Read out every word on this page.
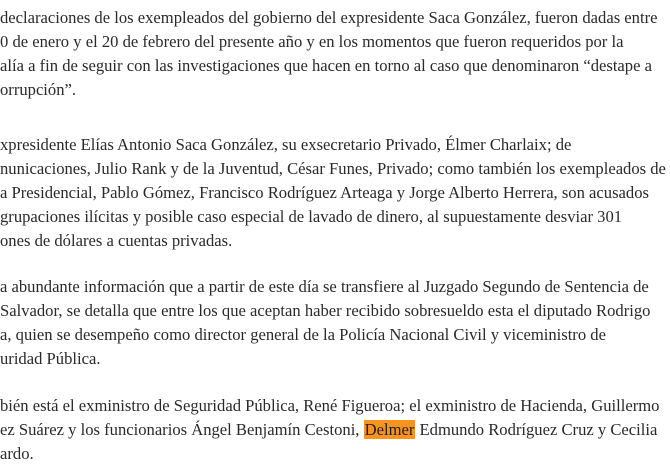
declaraciones de los exempleados del gobierno del expresidente Saca González, fueron dadas entre
0 de enero y el 20 de febrero del presente año y en los momentos que fueron requeridos por la
alía a fin de seguir con las investigaciones que hacen en torno al caso que denominaron “destape a
orrupción”.

xpresidente Elías Antonio Saca González, su exsecretario Privado, Élmer Charlaix; de
nunicaciones, Julio Rank y de la Juventud, César Funes, Privado; como también los exempleados de
a Presidencial, Pablo Gómez, Francisco Rodríguez Arteaga y Jorge Alberto Herrera, son acusados
grupaciones ilícitas y posible caso especial de lavado de dinero, al supuestamente desviar 301
ones de dólares a cuentas privadas.

a abundante información que a partir de este día se transfiere al Juzgado Segundo de Sentencia de
Salvador, se detalla que entre los que aceptan haber recibido sobresueldo esta el diputado Rodrigo
a, quien se desempeño como director general de la Policía Nacional Civil y viceministro de
uridad Pública.

bién está el exministro de Seguridad Pública, René Figueroa; el exministro de Hacienda, Guillermo
ez Suárez y los funcionarios Ángel Benjamín Cestoni, Delmer Edmundo Rodríguez Cruz y Cecilia
ardo.
